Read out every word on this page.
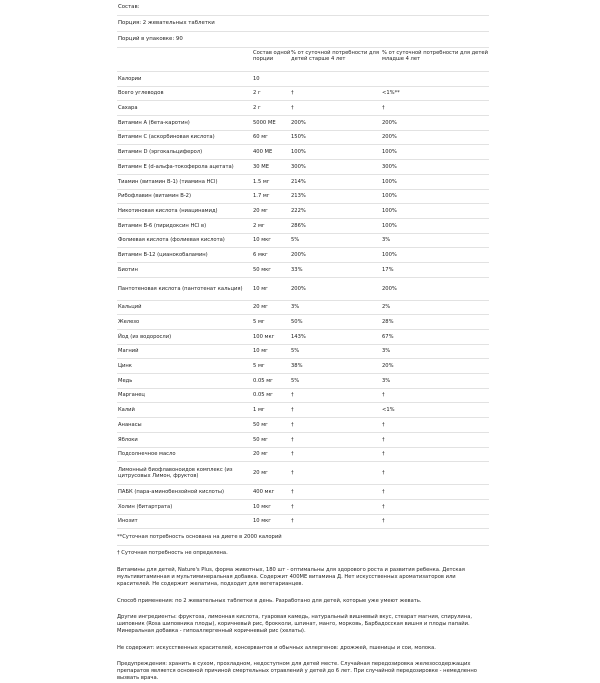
Состав:
Порция: 2 жевательных таблетки
Порций в упаковке: 90
Состав одной порции
% от суточной потребности для детей старше 4 лет
% от суточной потребности для детей младше 4 лет
Калории	10
Всего углеводов	2 г	†	<1%**
Сахара	2 г	†	†
Витамин А (бета-каротин)	5000 МЕ	200%	200%
Витамин С (аскорбиновая кислота)	60 мг	150%	200%
Витамин D (эргокальциферол)	400 МЕ	100%	100%
Витамин Е (d-альфа-токоферола ацетата)	30 МЕ	300%	300%
Тиамин (витамин В-1) (тиамина HCl)	1.5 мг	214%	100%
Рибофлавин (витамин В-2)	1.7 мг	213%	100%
Никотиновая кислота (ниацинамид)	20 мг	222%	100%
Витамин В-6 (пиридоксин HCl в)	2 мг	286%	100%
Фолиевая кислота (фолиевая кислота)	10 мкг	5%	3%
Витамин В-12 (цианокобаламин)	6 мкг	200%	100%
Биотин	50 мкг	33%	17%
Пантотеновая кислота (пантотенат кальция)	10 мг	200%	200%
Кальций	20 мг	3%	2%
Железо	5 мг	50%	28%
Йод (из водоросли)	100 мкг	143%	67%
Магний	10 мг	5%	3%
Цинк	5 мг	38%	20%
Медь	0.05 мг	5%	3%
Марганец	0.05 мг	†	†
Калий	1 мг	†	<1%
Ананасы	50 мг	†	†
Яблоки	50 мг	†	†
Подсолнечное масло	20 мг	†	†
Лимонный биофлавоноидов комплекс (из цитрусовых Лимон, фруктов)
20 мг	†	†
ПАБК (пара-аминобензойной кислоты)	400 мкг	†	†
Холин (битартрата)	10 мкг	†	†
Инозит	10 мкг	†	†
**Суточная потребность основана на диете в 2000 калорий
† Суточная потребность не определена.
Витамины для детей, Nature's Plus, форма животных, 180 шт - оптимальны для здорового роста и развития ребенка. Детская мультивитаминная и мультиминеральная добавка. Содержит 400МЕ витамина Д. Нет искусственных ароматизаторов или красителей. Не содержит желатина, подходит для вегетарианцев.
Способ применения: по 2 жевательных таблетки в день. Разработано для детей, которые уже умеют жевать.
Другие ингредиенты: фруктоза, лимонная кислота, гуаровая камедь, натуральный вишневый вкус, стеарат магния, спирулина, шиповник (Rosa шиповника плоды), коричневый рис, брокколи, шпинат, манго, морковь, Барбадосская вишня и плоды папайи. Минеральная добавка - гипоаллергенный коричневый рис (хелаты).
Не содержит: искусственных красителей, консервантов и обычных аллергенов: дрожжей, пшеницы и сои, молока.
Предупреждения: хранить в сухом, прохладном, недоступном для детей месте. Случайная передозировка железосодержащих препаратов является основной причиной смертельных отравлений у детей до 6 лет. При случайной передозировке - немедленно вызвать врача.
